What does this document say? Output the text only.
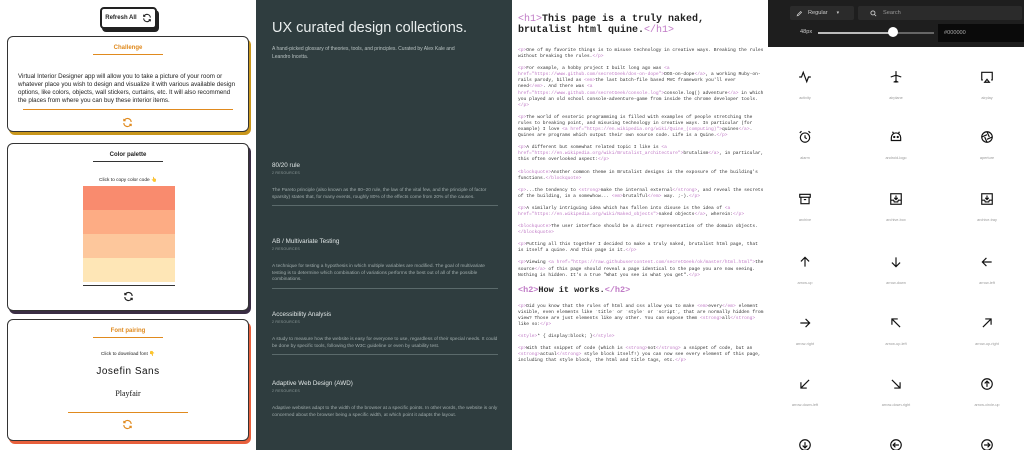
Refresh All
Challenge

Virtual Interior Designer app will allow you to take a picture of your room or whatever place you wish to design and visualize it with various available design options, like colors, objects, wall stickers, curtains, etc. It will also recommend the places from where you can buy these interior items.

Color palette
Click to copy color code 👆
Font pairing
Click to download font 👇
Josefin Sans
Playfair
UX curated design collections.
A hand-picked glossary of theories, tools, and principles. Curated by Alex Kale and Leandro Incetta.
80/20 rule
2 RESOURCES
The Pareto principle (also known as the 80–20 rule, the law of the vital few, and the principle of factor sparsity) states that, for many events, roughly 80% of the effects come from 20% of the causes.
AB / Multivariate Testing
2 RESOURCES
A technique for testing a hypothesis in which multiple variables are modified. The goal of multivariate testing is to determine which combination of variations performs the best out of all of the possible combinations.
Accessibility Analysis
2 RESOURCES
A study to measure how the website is easy for everyone to use, regardless of their special needs. It could be done by specific tools, following the W3C guideline or even by usability test.
Adaptive Web Design (AWD)
2 RESOURCES
Adaptive websites adapt to the width of the browser at a specific points. In other words, the website is only concerned about the browser being a specific width, at which point it adapts the layout.
<h1>This page is a truly naked, brutalist html quine.</h1>

<p>One of my favorite things is to misuse technology in creative ways. Breaking the rules without breaking the rules.</p>

<p>For example, a hobby project I built long ago was <a href="https://www.github.com/secretGeek/dos-on-dope">DOS-on-dope</a>, a working Ruby-on-rails parody, billed as <em>the last batch-file based MVC framework you'll ever need</em>. And there was <a href="https://www.github.com/secretGeek/console.log">console.log() adventure</a> in which you played an old school console-adventure-game from inside the chrome developer tools.</p>

<p>The world of esoteric programming is filled with examples of people stretching the rules to breaking point, and misusing technology in creative ways. In particular (for example) I love <a href="https://en.wikipedia.org/wiki/Quine_(computing)">quines</a>. Quines are programs which output their own source code. Life is a Quine.</p>

<p>A different but somewhat related topic I like is <a href="https://en.wikipedia.org/wiki/Brutalist_architecture">brutalism</a>, in particular, this often overlooked aspect:</p>

<blockquote>Another common theme in Brutalist designs is the exposure of the building's functions.</blockquote>

<p>...the tendency to <strong>make the internal external</strong>, and reveal the secrets of the building, in a somewhow... <em>brutalful</em> way. ;-).</p>

<p>A similarly intriguing idea which has fallen into disuse is the idea of <a href="https://en.wikipedia.org/wiki/Naked_objects">naked objects</a>, wherein:</p>

<blockquote>The user interface should be a direct representation of the domain objects.</blockquote>

<p>Putting all this together I decided to make a truly naked, brutalist html page, that is itself a quine. And this page is it.</p>

<p>Viewing <a href="https://raw.githubusercontent.com/secretGeek/ok/master/html.html">the source</a> of this page should reveal a page identical to the page you are now seeing. Nothing is hidden. It's a true "What you see is what you get".</p>

<h2>How it works.</h2>

<p>Did you know that the rules of html and css allow you to make <em>every</em> element visible, even elements like `title` or `style` or `script`, that are normally hidden from view? Those are just elements like any other. You can expose them <strong>all</strong> like so:</p>

<style>* { display:block; }</style>

<p>With that snippet of code (which is <strong>not</strong> a snippet of code, but an <strong>actual</strong> style block itself!) you can now see every element of this page, including that style block, the html and title tags, etc.</p>

Regular ▾	Search
48px	#000000
activity	airplane	airplay
alarm	android-logo	aperture
archive	archive-box	archive-tray
arrow-up	arrow-down	arrow-left
arrow-right	arrow-up-left	arrow-up-right
arrow-down-left	arrow-down-right	arrow-circle-up
